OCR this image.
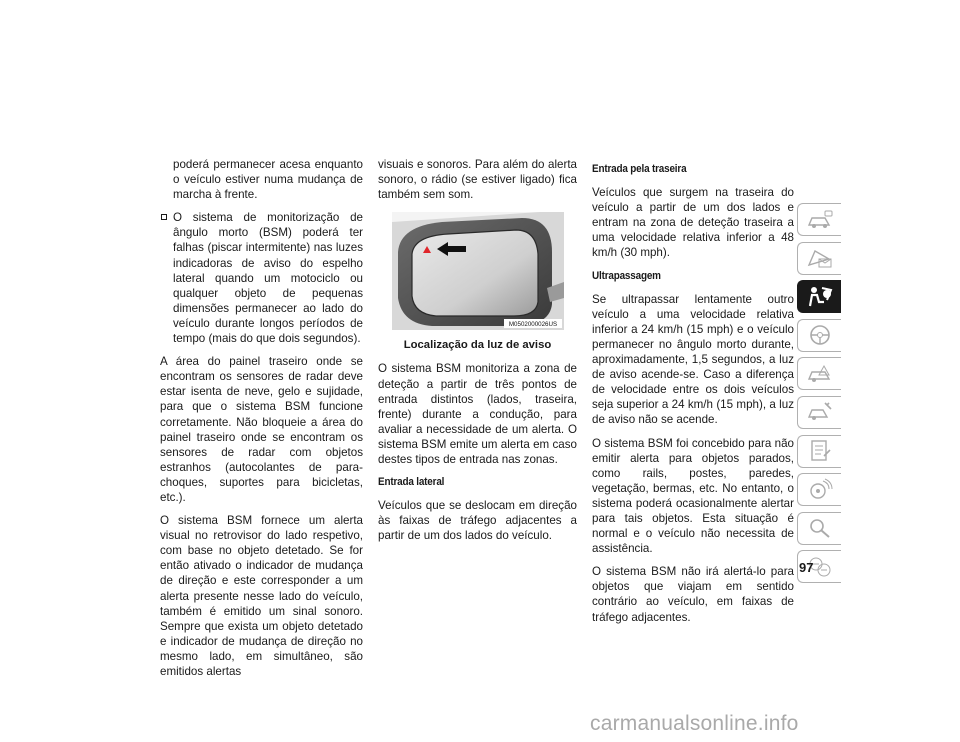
poderá permanecer acesa enquanto o veículo estiver numa mudança de marcha à frente.

O sistema de monitorização de ângulo morto (BSM) poderá ter falhas (piscar intermitente) nas luzes indicadoras de aviso do espelho lateral quando um motociclo ou qualquer objeto de pequenas dimensões permanecer ao lado do veículo durante longos períodos de tempo (mais do que dois segundos).

A área do painel traseiro onde se encontram os sensores de radar deve estar isenta de neve, gelo e sujidade, para que o sistema BSM funcione corretamente. Não bloqueie a área do painel traseiro onde se encontram os sensores de radar com objetos estranhos (autocolantes de para-choques, suportes para bicicletas, etc.).

O sistema BSM fornece um alerta visual no retrovisor do lado respetivo, com base no objeto detetado. Se for então ativado o indicador de mudança de direção e este corresponder a um alerta presente nesse lado do veículo, também é emitido um sinal sonoro. Sempre que exista um objeto detetado e indicador de mudança de direção no mesmo lado, em simultâneo, são emitidos alertas

visuais e sonoros. Para além do alerta sonoro, o rádio (se estiver ligado) fica também sem som.

M0502000026US

Localização da luz de aviso

O sistema BSM monitoriza a zona de deteção a partir de três pontos de entrada distintos (lados, traseira, frente) durante a condução, para avaliar a necessidade de um alerta. O sistema BSM emite um alerta em caso destes tipos de entrada nas zonas.

Entrada lateral

Veículos que se deslocam em direção às faixas de tráfego adjacentes a partir de um dos lados do veículo.

Entrada pela traseira

Veículos que surgem na traseira do veículo a partir de um dos lados e entram na zona de deteção traseira a uma velocidade relativa inferior a 48 km/h (30 mph).

Ultrapassagem

Se ultrapassar lentamente outro veículo a uma velocidade relativa inferior a 24 km/h (15 mph) e o veículo permanecer no ângulo morto durante, aproximadamente, 1,5 segundos, a luz de aviso acende-se. Caso a diferença de velocidade entre os dois veículos seja superior a 24 km/h (15 mph), a luz de aviso não se acende.

O sistema BSM foi concebido para não emitir alerta para objetos parados, como rails, postes, paredes, vegetação, bermas, etc. No entanto, o sistema poderá ocasionalmente alertar para tais objetos. Esta situação é normal e o veículo não necessita de assistência.

O sistema BSM não irá alertá-lo para objetos que viajam em sentido contrário ao veículo, em faixas de tráfego adjacentes.

97
carmanualsonline.info
